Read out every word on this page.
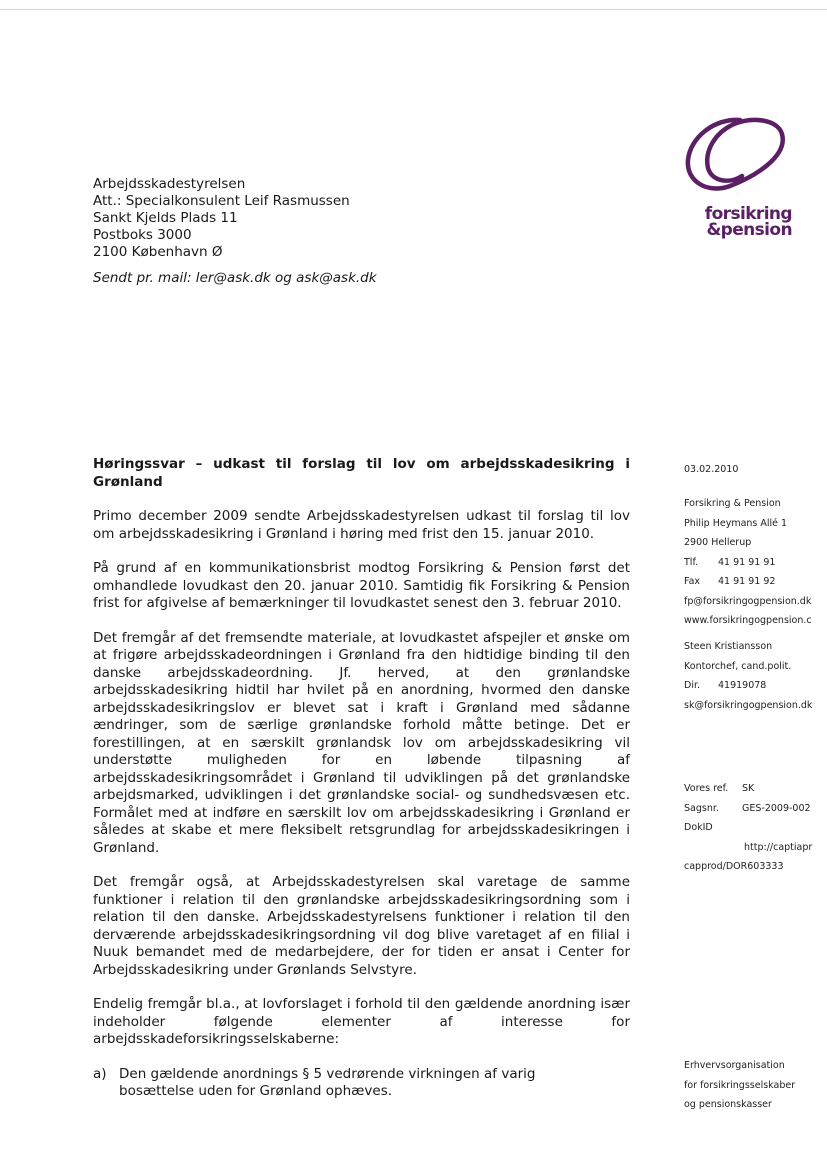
forsikring
&pension
Arbejdsskadestyrelsen
Att.: Specialkonsulent Leif Rasmussen
Sankt Kjelds Plads 11
Postboks 3000
2100 København Ø
Sendt pr. mail: ler@ask.dk og ask@ask.dk
Høringssvar – udkast til forslag til lov om arbejdsskadesikring i Grønland

Primo december 2009 sendte Arbejdsskadestyrelsen udkast til forslag til lov om arbejdsskadesikring i Grønland i høring med frist den 15. januar 2010.

På grund af en kommunikationsbrist modtog Forsikring & Pension først det omhandlede lovudkast den 20. januar 2010. Samtidig fik Forsikring & Pension frist for afgivelse af bemærkninger til lovudkastet senest den 3. februar 2010.

Det fremgår af det fremsendte materiale, at lovudkastet afspejler et ønske om at frigøre arbejdsskadeordningen i Grønland fra den hidtidige binding til den danske arbejdsskadeordning. Jf. herved, at den grønlandske arbejdsskadesikring hidtil har hvilet på en anordning, hvormed den danske arbejdsskadesikringslov er blevet sat i kraft i Grønland med sådanne ændringer, som de særlige grønlandske forhold måtte betinge. Det er forestillingen, at en særskilt grønlandsk lov om arbejdsskadesikring vil understøtte muligheden for en løbende tilpasning af arbejdsskadesikringsområdet i Grønland til udviklingen på det grønlandske arbejdsmarked, udviklingen i det grønlandske social- og sundhedsvæsen etc. Formålet med at indføre en særskilt lov om arbejdsskadesikring i Grønland er således at skabe et mere fleksibelt retsgrundlag for arbejdsskadesikringen i Grønland.

Det fremgår også, at Arbejdsskadestyrelsen skal varetage de samme funktioner i relation til den grønlandske arbejdsskadesikringsordning som i relation til den danske. Arbejdsskadestyrelsens funktioner i relation til den derværende arbejdsskadesikringsordning vil dog blive varetaget af en filial i Nuuk bemandet med de medarbejdere, der for tiden er ansat i Center for Arbejdsskadesikring under Grønlands Selvstyre.

Endelig fremgår bl.a., at lovforslaget i forhold til den gældende anordning især indeholder følgende elementer af interesse for arbejdsskadeforsikringsselskaberne:

a) Den gældende anordnings § 5 vedrørende virkningen af varig bosættelse uden for Grønland ophæves.
03.02.2010
Forsikring & Pension
Philip Heymans Allé 1
2900 Hellerup
Tlf.	41 91 91 91
Fax	41 91 91 92
fp@forsikringogpension.dk
www.forsikringogpension.c
Steen Kristiansson
Kontorchef, cand.polit.
Dir.	41919078
sk@forsikringogpension.dk
Vores ref.	SK
Sagsnr.	GES-2009-002
DokID
http://captiapr
capprod/DOR603333
Erhvervsorganisation
for forsikringsselskaber
og pensionskasser
